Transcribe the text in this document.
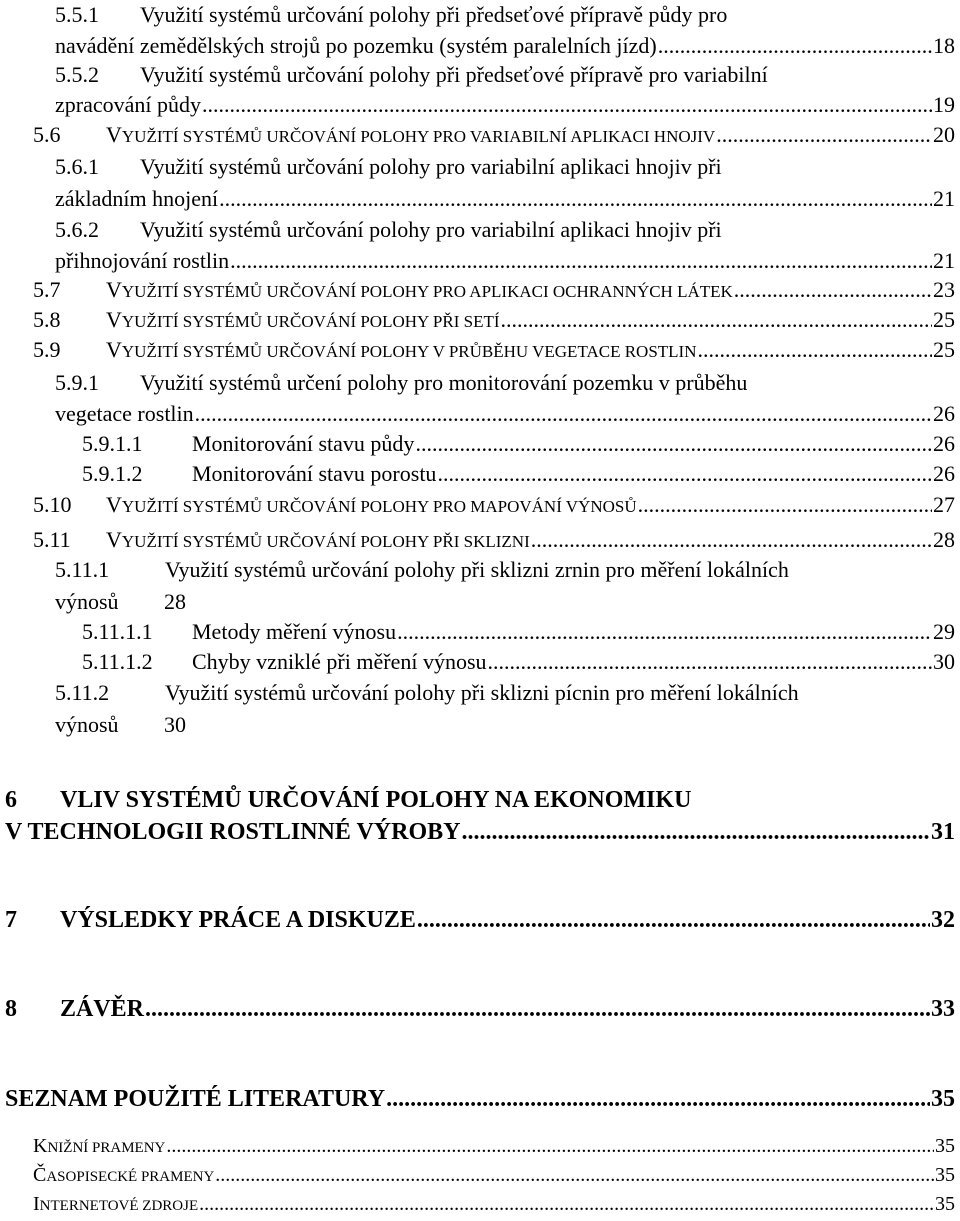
5.5.1	Využití systémů určování polohy při předseťové přípravě půdy pro
navádění zemědělských strojů po pozemku (systém paralelních jízd) .....	18
5.5.2	Využití systémů určování polohy při předseťové přípravě pro variabilní
zpracování půdy .....	19
5.6	VYUŽITÍ SYSTÉMŮ URČOVÁNÍ POLOHY PRO VARIABILNÍ APLIKACI HNOJIV .....	20
5.6.1	Využití systémů určování polohy pro variabilní aplikaci hnojiv při
základním hnojení .....	21
5.6.2	Využití systémů určování polohy pro variabilní aplikaci hnojiv při
přihnojování rostlin .....	21
5.7	VYUŽITÍ SYSTÉMŮ URČOVÁNÍ POLOHY PRO APLIKACI OCHRANNÝCH LÁTEK .....	23
5.8	VYUŽITÍ SYSTÉMŮ URČOVÁNÍ POLOHY PŘI SETÍ .....	25
5.9	VYUŽITÍ SYSTÉMŮ URČOVÁNÍ POLOHY V PRŮBĚHU VEGETACE ROSTLIN .....	25
5.9.1	Využití systémů určení polohy pro monitorování pozemku v průběhu
vegetace rostlin .....	26
5.9.1.1	Monitorování stavu půdy .....	26
5.9.1.2	Monitorování stavu porostu .....	26
5.10	VYUŽITÍ SYSTÉMŮ URČOVÁNÍ POLOHY PRO MAPOVÁNÍ VÝNOSŮ .....	27
5.11	VYUŽITÍ SYSTÉMŮ URČOVÁNÍ POLOHY PŘI SKLIZNI .....	28
5.11.1	Využití systémů určování polohy při sklizni zrnin pro měření lokálních
výnosů	28
5.11.1.1	Metody měření výnosu .....	29
5.11.1.2	Chyby vzniklé při měření výnosu .....	30
5.11.2	Využití systémů určování polohy při sklizni pícnin pro měření lokálních
výnosů	30
6	VLIV SYSTÉMŮ URČOVÁNÍ POLOHY NA EKONOMIKU
V TECHNOLOGII ROSTLINNÉ VÝROBY .....	31
7	VÝSLEDKY PRÁCE A DISKUZE .....	32
8	ZÁVĚR .....	33
SEZNAM POUŽITÉ LITERATURY .....	35
KNIŽNÍ PRAMENY .....	35
ČASOPISECKÉ PRAMENY .....	35
INTERNETOVÉ ZDROJE .....	35
